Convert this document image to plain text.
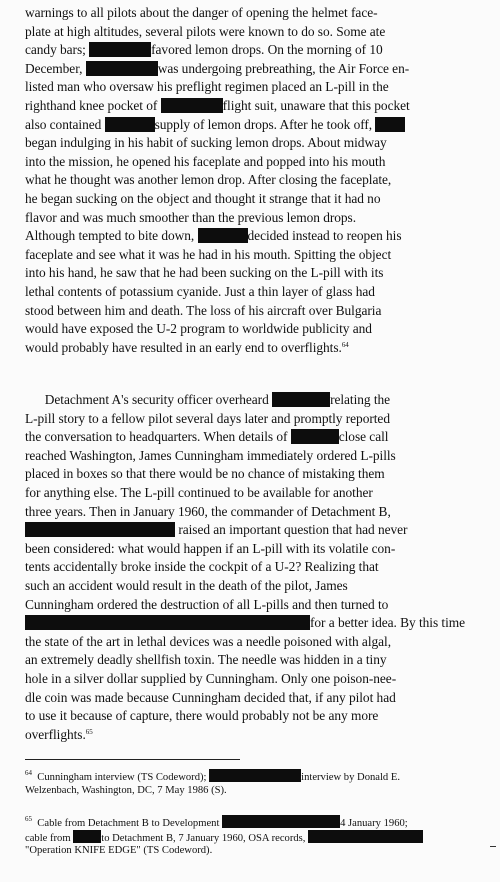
warnings to all pilots about the danger of opening the helmet face-
plate at high altitudes, several pilots were known to do so. Some ate
candy bars;	favored lemon drops. On the morning of 10
December,	was undergoing prebreathing, the Air Force en-
listed man who oversaw his preflight regimen placed an L-pill in the
righthand knee pocket of	flight suit, unaware that this pocket
also contained	supply of lemon drops. After he took off,
began indulging in his habit of sucking lemon drops. About midway
into the mission, he opened his faceplate and popped into his mouth
what he thought was another lemon drop. After closing the faceplate,
he began sucking on the object and thought it strange that it had no
flavor and was much smoother than the previous lemon drops.
Although tempted to bite down,	decided instead to reopen his
faceplate and see what it was he had in his mouth. Spitting the object
into his hand, he saw that he had been sucking on the L-pill with its
lethal contents of potassium cyanide. Just a thin layer of glass had
stood between him and death. The loss of his aircraft over Bulgaria
would have exposed the U-2 program to worldwide publicity and
would probably have resulted in an early end to overflights.$^{64}$
Detachment A's security officer overheard	relating the
L-pill story to a fellow pilot several days later and promptly reported
the conversation to headquarters. When details of	close call
reached Washington, James Cunningham immediately ordered L-pills
placed in boxes so that there would be no chance of mistaking them
for anything else. The L-pill continued to be available for another
three years. Then in January 1960, the commander of Detachment B,
raised an important question that had never
been considered: what would happen if an L-pill with its volatile con-
tents accidentally broke inside the cockpit of a U-2? Realizing that
such an accident would result in the death of the pilot, James
Cunningham ordered the destruction of all L-pills and then turned to
for a better idea. By this time
the state of the art in lethal devices was a needle poisoned with algal,
an extremely deadly shellfish toxin. The needle was hidden in a tiny
hole in a silver dollar supplied by Cunningham. Only one poison-nee-
dle coin was made because Cunningham decided that, if any pilot had
to use it because of capture, there would probably not be any more
overflights.$^{65}$
$^{64}$ Cunningham interview (TS Codeword);	interview by Donald E.
Welzenbach, Washington, DC, 7 May 1986 (S).
$^{65}$ Cable from Detachment B to Development	4 January 1960;
cable from	to Detachment B, 7 January 1960, OSA records,
"Operation KNIFE EDGE" (TS Codeword).
